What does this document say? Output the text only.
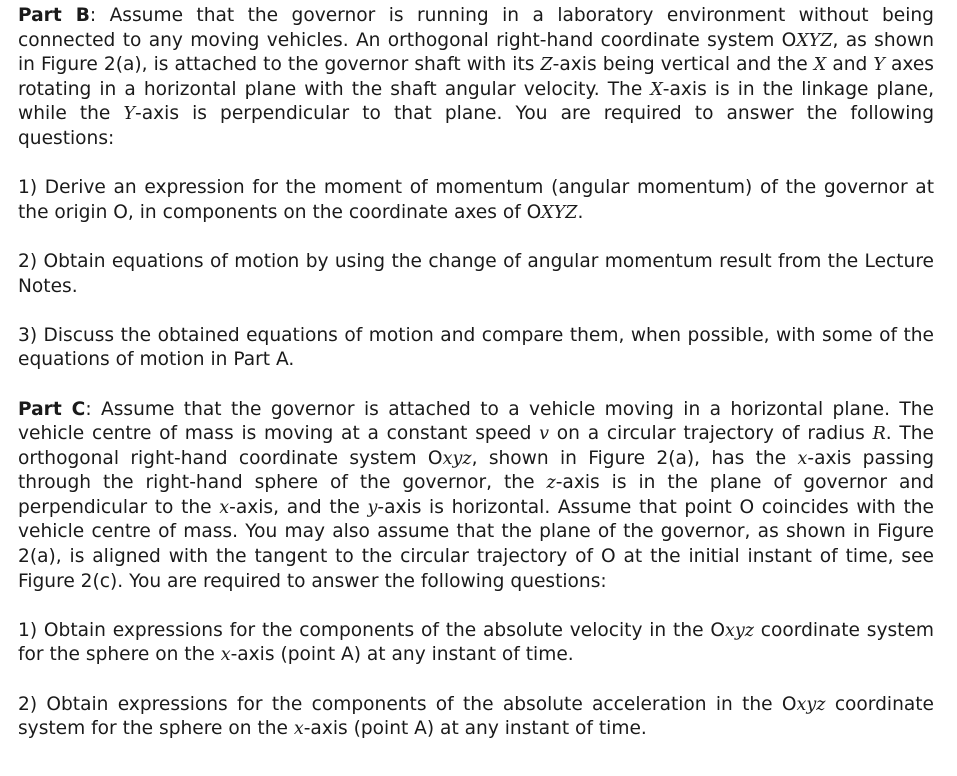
Part B: Assume that the governor is running in a laboratory environment without being connected to any moving vehicles. An orthogonal right-hand coordinate system OXYZ, as shown in Figure 2(a), is attached to the governor shaft with its Z-axis being vertical and the X and Y axes rotating in a horizontal plane with the shaft angular velocity. The X-axis is in the linkage plane, while the Y-axis is perpendicular to that plane. You are required to answer the following questions:

1) Derive an expression for the moment of momentum (angular momentum) of the governor at the origin O, in components on the coordinate axes of OXYZ.

2) Obtain equations of motion by using the change of angular momentum result from the Lecture Notes.

3) Discuss the obtained equations of motion and compare them, when possible, with some of the equations of motion in Part A.

Part C: Assume that the governor is attached to a vehicle moving in a horizontal plane. The vehicle centre of mass is moving at a constant speed v on a circular trajectory of radius R. The orthogonal right-hand coordinate system Oxyz, shown in Figure 2(a), has the x-axis passing through the right-hand sphere of the governor, the z-axis is in the plane of governor and perpendicular to the x-axis, and the y-axis is horizontal. Assume that point O coincides with the vehicle centre of mass. You may also assume that the plane of the governor, as shown in Figure 2(a), is aligned with the tangent to the circular trajectory of O at the initial instant of time, see Figure 2(c). You are required to answer the following questions:

1) Obtain expressions for the components of the absolute velocity in the Oxyz coordinate system for the sphere on the x-axis (point A) at any instant of time.

2) Obtain expressions for the components of the absolute acceleration in the Oxyz coordinate system for the sphere on the x-axis (point A) at any instant of time.
